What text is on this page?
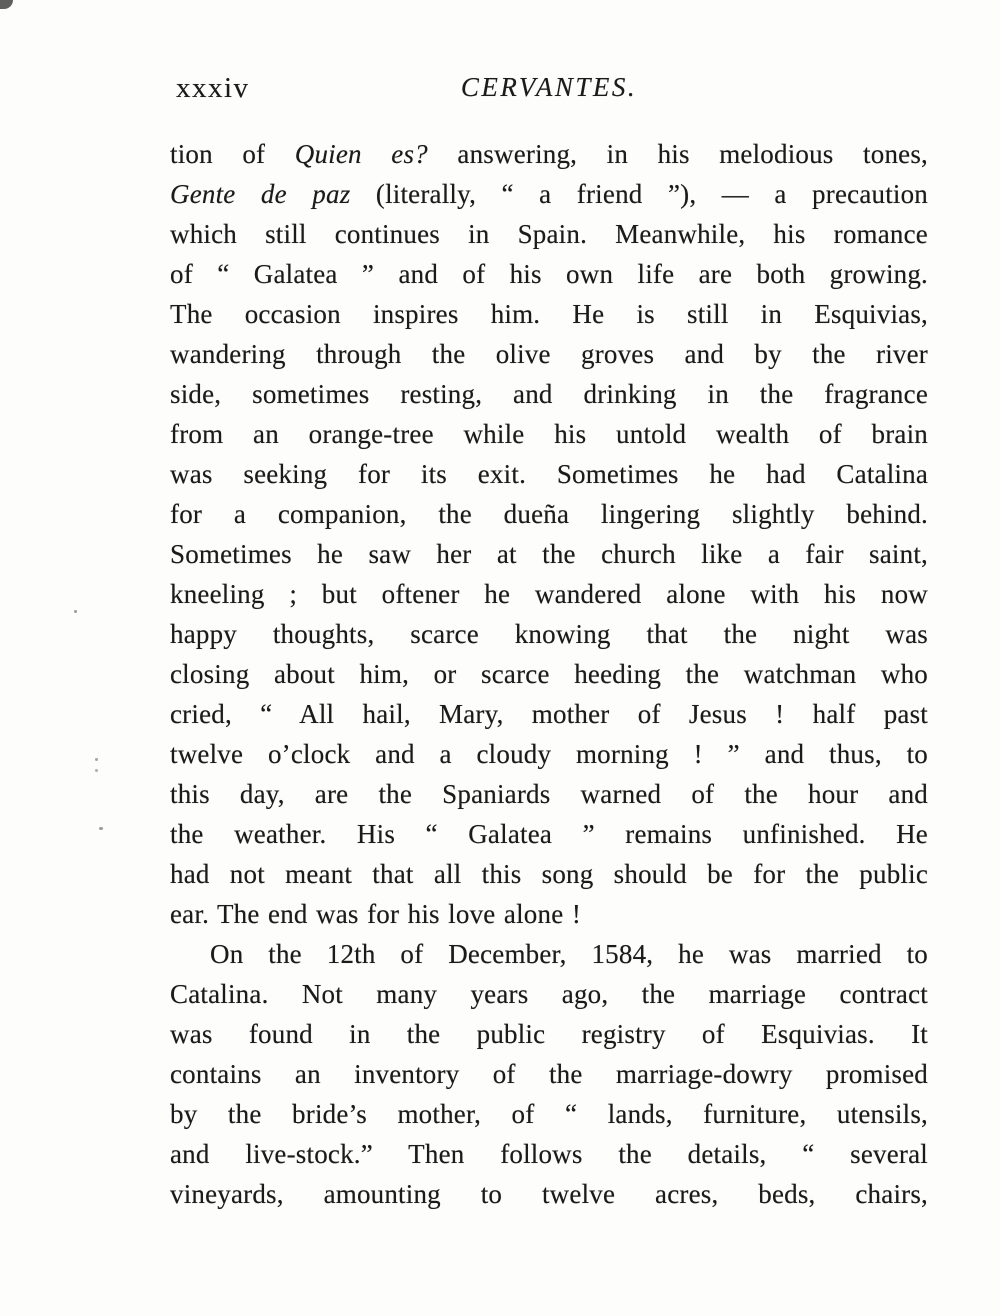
xxxiv	CERVANTES.
tion of Quien es? answering, in his melodious tones,
Gente de paz (literally, “ a friend ”), — a precaution
which still continues in Spain. Meanwhile, his romance
of “ Galatea ” and of his own life are both growing.
The occasion inspires him. He is still in Esquivias,
wandering through the olive groves and by the river
side, sometimes resting, and drinking in the fragrance
from an orange-tree while his untold wealth of brain
was seeking for its exit. Sometimes he had Catalina
for a companion, the dueña lingering slightly behind.
Sometimes he saw her at the church like a fair saint,
kneeling ; but oftener he wandered alone with his now
happy thoughts, scarce knowing that the night was
closing about him, or scarce heeding the watchman who
cried, “ All hail, Mary, mother of Jesus ! half past
twelve o’clock and a cloudy morning ! ” and thus, to
this day, are the Spaniards warned of the hour and
the weather. His “ Galatea ” remains unfinished. He
had not meant that all this song should be for the public
ear. The end was for his love alone !
On the 12th of December, 1584, he was married to
Catalina. Not many years ago, the marriage contract
was found in the public registry of Esquivias. It
contains an inventory of the marriage-dowry promised
by the bride’s mother, of “ lands, furniture, utensils,
and live-stock.” Then follows the details, “ several
vineyards, amounting to twelve acres, beds, chairs,
